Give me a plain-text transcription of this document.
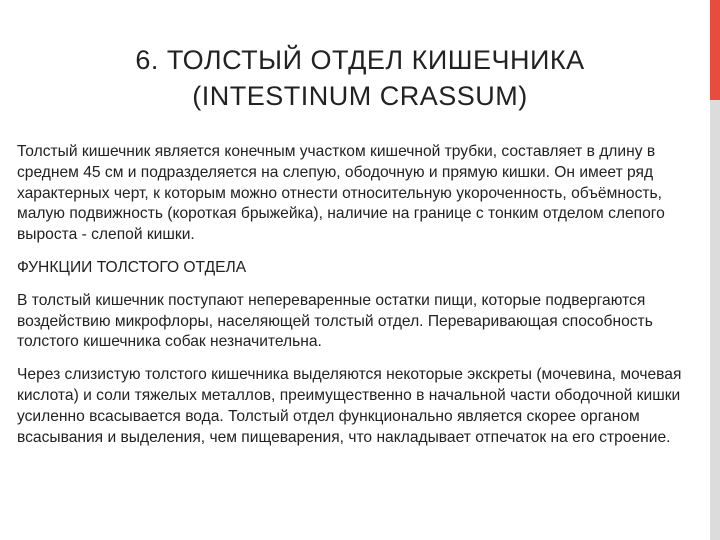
6. ТОЛСТЫЙ ОТДЕЛ КИШЕЧНИКА
(INTESTINUM CRASSUM)

Толстый кишечник является конечным участком кишечной трубки, составляет в длину в среднем 45 см и подразделяется на слепую, ободочную и прямую кишки. Он имеет ряд характерных черт, к которым можно отнести относительную укороченность, объёмность, малую подвижность (короткая брыжейка), наличие на границе с тонким отделом слепого выроста - слепой кишки.

ФУНКЦИИ ТОЛСТОГО ОТДЕЛА

В толстый кишечник поступают непереваренные остатки пищи, которые подвергаются воздействию микрофлоры, населяющей толстый отдел. Переваривающая способность толстого кишечника собак незначительна.

Через слизистую толстого кишечника выделяются некоторые экскреты (мочевина, мочевая кислота) и соли тяжелых металлов, преимущественно в начальной части ободочной кишки усиленно всасывается вода. Толстый отдел функционально является скорее органом всасывания и выделения, чем пищеварения, что накладывает отпечаток на его строение.
